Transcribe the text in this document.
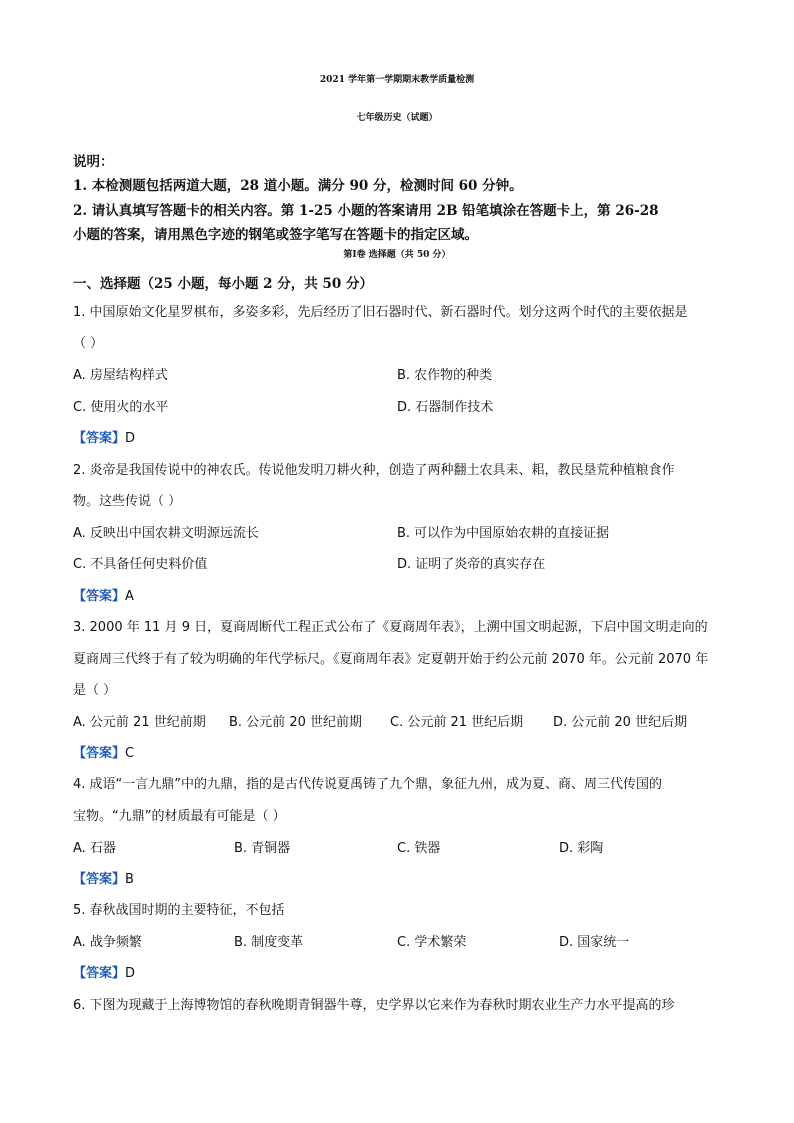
2021 学年第一学期期末教学质量检测
七年级历史（试题）
说明：
1. 本检测题包括两道大题，28 道小题。满分 90 分，检测时间 60 分钟。
2. 请认真填写答题卡的相关内容。第 1-25 小题的答案请用 2B 铅笔填涂在答题卡上，第 26-28
小题的答案，请用黑色字迹的钢笔或签字笔写在答题卡的指定区域。
第Ⅰ卷 选择题（共 50 分）
一、选择题（25 小题，每小题 2 分，共 50 分）
1. 中国原始文化星罗棋布，多姿多彩，先后经历了旧石器时代、新石器时代。划分这两个时代的主要依据是
（ ）
A. 房屋结构样式	B. 农作物的种类
C. 使用火的水平	D. 石器制作技术
【答案】D
2. 炎帝是我国传说中的神农氏。传说他发明刀耕火种，创造了两种翻土农具耒、耜，教民垦荒种植粮食作
物。这些传说（ ）
A. 反映出中国农耕文明源远流长	B. 可以作为中国原始农耕的直接证据
C. 不具备任何史料价值	D. 证明了炎帝的真实存在
【答案】A
3. 2000 年 11 月 9 日，夏商周断代工程正式公布了《夏商周年表》，上溯中国文明起源，下启中国文明走向的
夏商周三代终于有了较为明确的年代学标尺。《夏商周年表》定夏朝开始于约公元前 2070 年。公元前 2070 年
是（ ）
A. 公元前 21 世纪前期 B. 公元前 20 世纪前期 C. 公元前 21 世纪后期 D. 公元前 20 世纪后期
【答案】C
4. 成语“一言九鼎”中的九鼎，指的是古代传说夏禹铸了九个鼎，象征九州，成为夏、商、周三代传国的
宝物。“九鼎”的材质最有可能是（ ）
A. 石器	B. 青铜器	C. 铁器	D. 彩陶
【答案】B
5. 春秋战国时期的主要特征，不包括
A. 战争频繁	B. 制度变革	C. 学术繁荣	D. 国家统一
【答案】D
6. 下图为现藏于上海博物馆的春秋晚期青铜器牛尊，史学界以它来作为春秋时期农业生产力水平提高的珍
